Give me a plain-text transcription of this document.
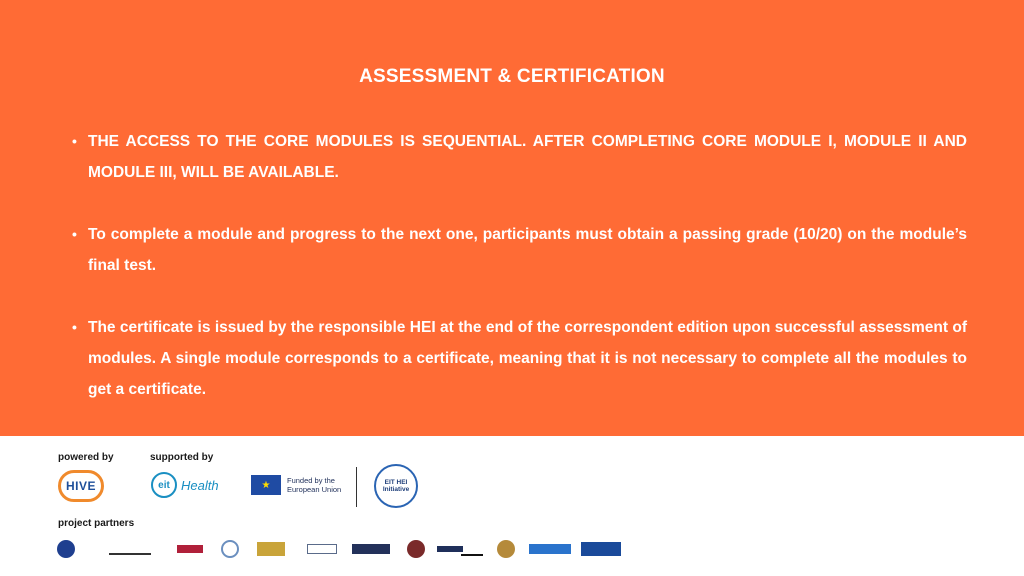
ASSESSMENT & CERTIFICATION
• THE ACCESS TO THE CORE MODULES IS SEQUENTIAL. AFTER COMPLETING CORE MODULE I, MODULE II AND MODULE III, WILL BE AVAILABLE.
• To complete a module and progress to the next one, participants must obtain a passing grade (10/20) on the module’s final test.
• The certificate is issued by the responsible HEI at the end of the correspondent edition upon successful assessment of modules. A single module corresponds to a certificate, meaning that it is not necessary to complete all the modules to get a certificate.
powered by	supported by
HIVE	eit Health	★	Funded by the
European Union
EIT HEI
Initiative
project partners
